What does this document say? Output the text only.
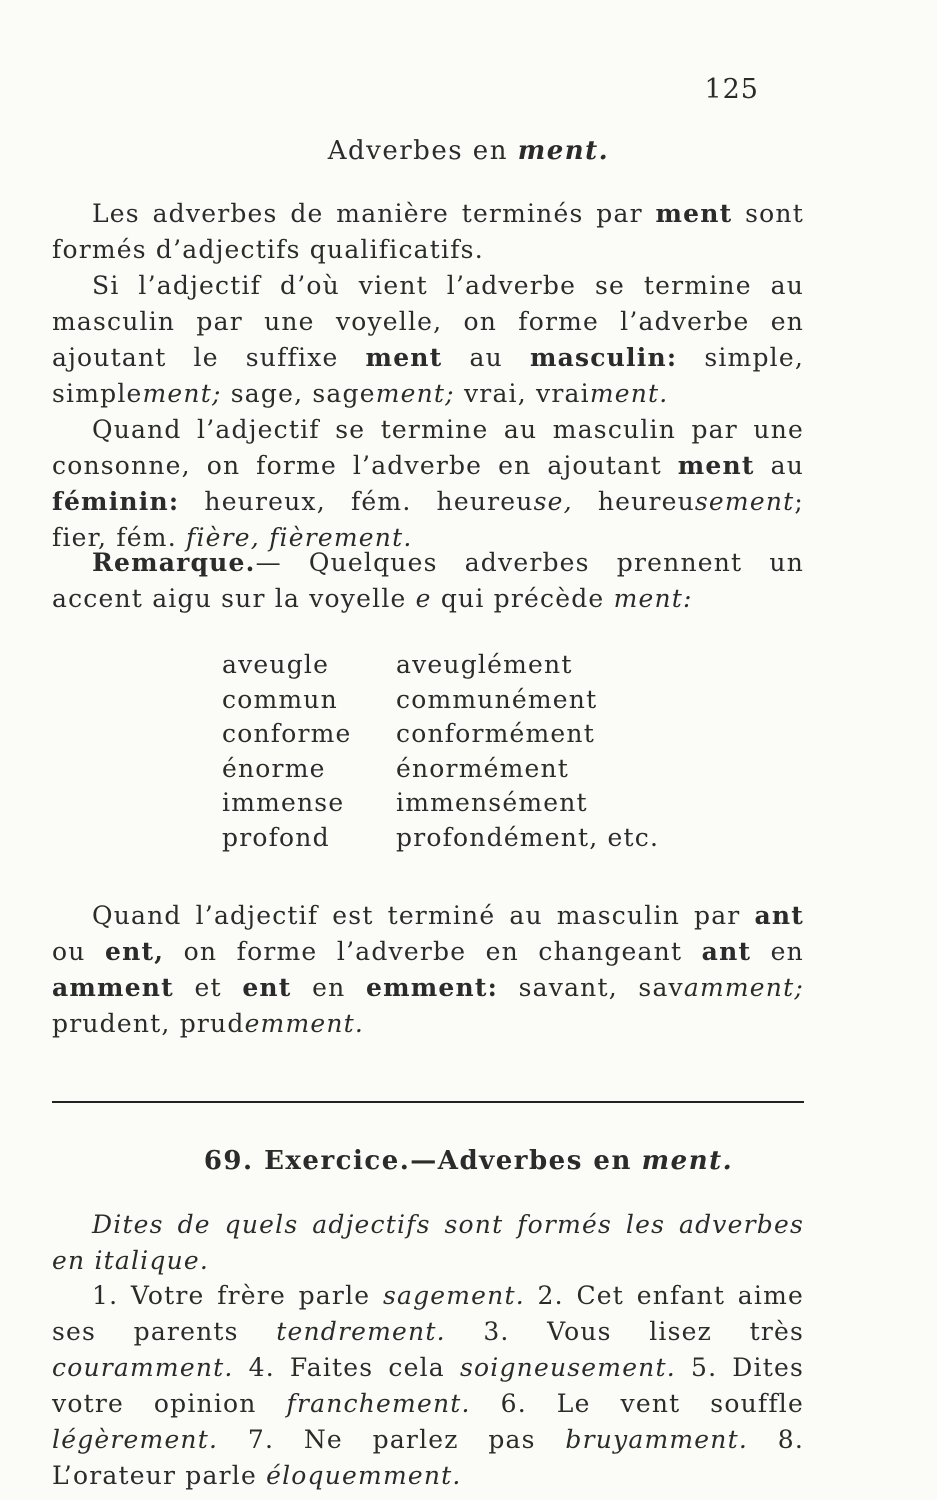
125
Adverbes en ment.

Les adverbes de manière terminés par ment sont formés d’adjectifs qualificatifs.

Si l’adjectif d’où vient l’adverbe se termine au masculin par une voyelle, on forme l’adverbe en ajoutant le suffixe ment au masculin: simple, simplement; sage, sagement; vrai, vraiment.

Quand l’adjectif se termine au masculin par une consonne, on forme l’adverbe en ajoutant ment au féminin: heureux, fém. heureuse, heureusement; fier, fém. fière, fièrement.

Remarque.— Quelques adverbes prennent un accent aigu sur la voyelle e qui précède ment:

aveugle	aveuglément
commun	communément
conforme	conformément
énorme	énormément
immense	immensément
profond	profondément, etc.

Quand l’adjectif est terminé au masculin par ant ou ent, on forme l’adverbe en changeant ant en amment et ent en emment: savant, savamment; prudent, prudemment.

69. Exercice.—Adverbes en ment.

Dites de quels adjectifs sont formés les adverbes en italique.

1. Votre frère parle sagement. 2. Cet enfant aime ses parents tendrement. 3. Vous lisez très couramment. 4. Faites cela soigneusement. 5. Dites votre opinion franchement. 6. Le vent souffle légèrement. 7. Ne parlez pas bruyamment. 8. L’orateur parle éloquemment.
